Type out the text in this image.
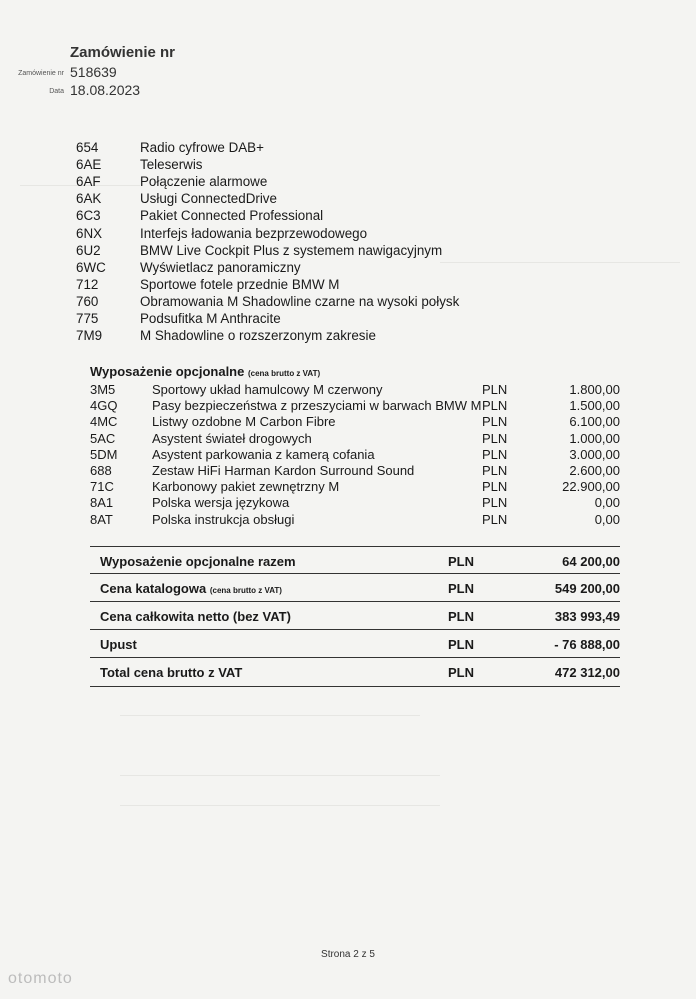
Zamówienie nr
Zamówienie nr 518639
Data 18.08.2023
654	Radio cyfrowe DAB+
6AE	Teleserwis
6AF	Połączenie alarmowe
6AK	Usługi ConnectedDrive
6C3	Pakiet Connected Professional
6NX	Interfejs ładowania bezprzewodowego
6U2	BMW Live Cockpit Plus z systemem nawigacyjnym
6WC	Wyświetlacz panoramiczny
712	Sportowe fotele przednie BMW M
760	Obramowania M Shadowline czarne na wysoki połysk
775	Podsufitka M Anthracite
7M9	M Shadowline o rozszerzonym zakresie
Wyposażenie opcjonalne (cena brutto z VAT)
3M5	Sportowy układ hamulcowy M czerwony	PLN	1.800,00
4GQ	Pasy bezpieczeństwa z przeszyciami w barwach BMW M PLN	1.500,00
4MC	Listwy ozdobne M Carbon Fibre	PLN	6.100,00
5AC	Asystent świateł drogowych	PLN	1.000,00
5DM	Asystent parkowania z kamerą cofania	PLN	3.000,00
688	Zestaw HiFi Harman Kardon Surround Sound	PLN	2.600,00
71C	Karbonowy pakiet zewnętrzny M	PLN	22.900,00
8A1	Polska wersja językowa	PLN	0,00
8AT	Polska instrukcja obsługi	PLN	0,00
Wyposażenie opcjonalne razem	PLN	64 200,00
Cena katalogowa (cena brutto z VAT)	PLN	549 200,00
Cena całkowita netto (bez VAT)	PLN	383 993,49
Upust	PLN	- 76 888,00
Total cena brutto z VAT	PLN	472 312,00
Strona 2 z 5
otomoto
